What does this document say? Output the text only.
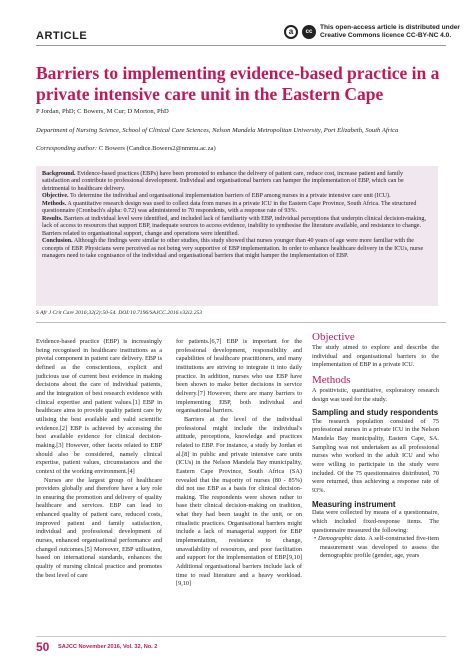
ARTICLE	a	cc
This open-access article is distributed under
Creative Commons licence CC-BY-NC 4.0.
Barriers to implementing evidence-based practice in a private intensive care unit in the Eastern Cape
P Jordan, PhD; C Bowers, M Cur; D Morton, PhD
Department of Nursing Science, School of Clinical Care Sciences, Nelson Mandela Metropolitan University, Port Elizabeth, South Africa
Corresponding author: C Bowers (Candice.Bowers2@nmmu.ac.za)

Background. Evidence-based practices (EBPs) have been promoted to enhance the delivery of patient care, reduce cost, increase patient and family satisfaction and contribute to professional development. Individual and organisational barriers can hamper the implementation of EBP, which can be detrimental to healthcare delivery.

Objective. To determine the individual and organisational implementation barriers of EBP among nurses in a private intensive care unit (ICU).

Methods. A quantitative research design was used to collect data from nurses in a private ICU in the Eastern Cape Province, South Africa. The structured questionnaire (Cronbach's alpha: 0.72) was administered to 70 respondents, with a response rate of 93%.

Results. Barriers at individual level were identified, and included lack of familiarity with EBP, individual perceptions that underpin clinical decision-making, lack of access to resources that support EBP, inadequate sources to access evidence, inability to synthesise the literature available, and resistance to change. Barriers related to organisational support, change and operations were identified.

Conclusion. Although the findings were similar to other studies, this study showed that nurses younger than 40 years of age were more familiar with the concepts of EBP. Physicians were perceived as not being very supportive of EBP implementation. In order to enhance healthcare delivery in the ICUs, nurse managers need to take cognisance of the individual and organisational barriers that might hamper the implementation of EBP.

S Afr J Crit Care 2016;32(2):50-54. DOI:10.7196/SAJCC.2016.v32i2.253

Evidence-based practice (EBP) is increasingly being recognised in healthcare institutions as a pivotal component in patient care delivery. EBP is defined as the conscientious, explicit and judicious use of current best evidence in making decisions about the care of individual patients, and the integration of best research evidence with clinical expertise and patient values.[1] EBP in healthcare aims to provide quality patient care by utilising the best available and valid scientific evidence.[2] EBP is achieved by accessing the best available evidence for clinical decision-making.[3] However, other facets related to EBP should also be considered, namely clinical expertise, patient values, circumstances and the context of the working environment.[4]

Nurses are the largest group of healthcare providers globally and therefore have a key role in ensuring the promotion and delivery of quality healthcare and services. EBP can lead to enhanced quality of patient care, reduced costs, improved patient and family satisfaction, individual and professional development of nurses, enhanced organisational performance and changed outcomes.[5] Moreover, EBP utilisation, based on international standards, enhances the quality of nursing clinical practice and promotes the best level of care

for patients.[6,7] EBP is important for the professional development, responsibility and capabilities of healthcare practitioners, and many institutions are striving to integrate it into daily practice. In addition, nurses who use EBP have been shown to make better decisions in service delivery.[7] However, there are many barriers to implementing EBP, both individual and organisational barriers.

Barriers at the level of the individual professional might include the individual's attitude, perceptions, knowledge and practices related to EBP. For instance, a study by Jordan et al.[8] in public and private intensive care units (ICUs) in the Nelson Mandela Bay municipality, Eastern Cape Province, South Africa (SA) revealed that the majority of nurses (80 - 85%) did not use EBP as a basis for clinical decision-making. The respondents were shown rather to base their clinical decision-making on tradition, what they had been taught in the unit, or on ritualistic practices. Organisational barriers might include a lack of managerial support for EBP implementation, resistance to change, unavailability of resources, and poor facilitation and support for the implementation of EBP.[9,10] Additional organisational barriers include lack of time to read literature and a heavy workload.[9,10]

Objective

The study aimed to explore and describe the individual and organisational barriers to the implementation of EBP in a private ICU.

Methods

A positivistic, quantitative, exploratory research design was used for the study.

Sampling and study respondents

The research population consisted of 75 professional nurses in a private ICU in the Nelson Mandela Bay municipality, Eastern Cape, SA. Sampling was not undertaken as all professional nurses who worked in the adult ICU and who were willing to participate in the study were included. Of the 75 questionnaires distributed, 70 were returned, thus achieving a response rate of 93%.

Measuring instrument

Data were collected by means of a questionnaire, which included fixed-response items. The questionnaire measured the following:

• Demographic data. A self-constructed five-item measurement was developed to assess the demographic profile (gender, age, years

50 SAJCC November 2016, Vol. 32, No. 2
